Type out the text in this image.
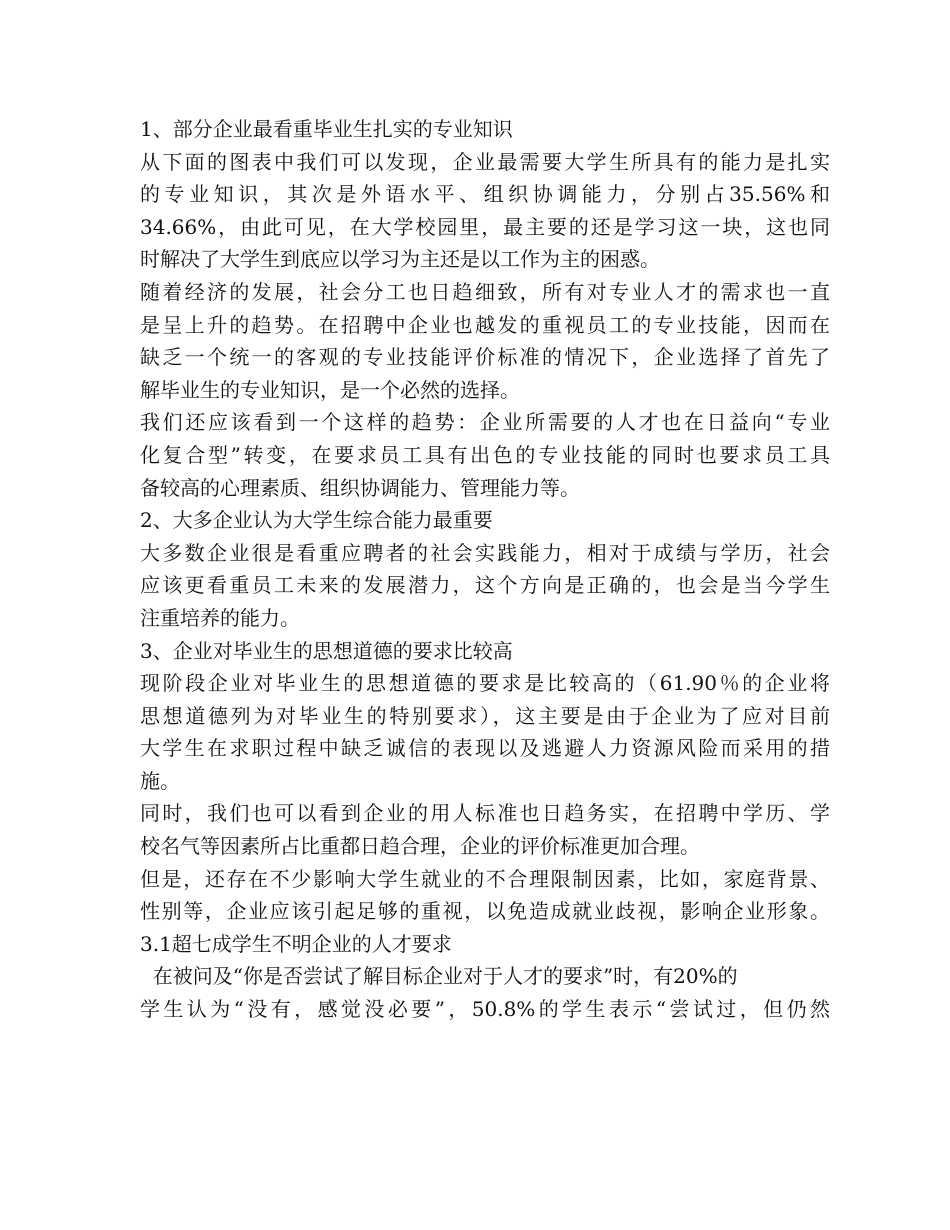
1、部分企业最看重毕业生扎实的专业知识
从下面的图表中我们可以发现，企业最需要大学生所具有的能力是扎实
的专业知识，其次是外语水平、组织协调能力，分别占35.56%和
34.66%，由此可见，在大学校园里，最主要的还是学习这一块，这也同
时解决了大学生到底应以学习为主还是以工作为主的困惑。
随着经济的发展，社会分工也日趋细致，所有对专业人才的需求也一直
是呈上升的趋势。在招聘中企业也越发的重视员工的专业技能，因而在
缺乏一个统一的客观的专业技能评价标准的情况下，企业选择了首先了
解毕业生的专业知识，是一个必然的选择。
我们还应该看到一个这样的趋势：企业所需要的人才也在日益向“专业
化复合型”转变，在要求员工具有出色的专业技能的同时也要求员工具
备较高的心理素质、组织协调能力、管理能力等。
2、大多企业认为大学生综合能力最重要
大多数企业很是看重应聘者的社会实践能力，相对于成绩与学历，社会
应该更看重员工未来的发展潜力，这个方向是正确的，也会是当今学生
注重培养的能力。
3、企业对毕业生的思想道德的要求比较高
现阶段企业对毕业生的思想道德的要求是比较高的（61.90％的企业将
思想道德列为对毕业生的特别要求），这主要是由于企业为了应对目前
大学生在求职过程中缺乏诚信的表现以及逃避人力资源风险而采用的措
施。
同时，我们也可以看到企业的用人标准也日趋务实，在招聘中学历、学
校名气等因素所占比重都日趋合理，企业的评价标准更加合理。
但是，还存在不少影响大学生就业的不合理限制因素，比如，家庭背景、
性别等，企业应该引起足够的重视，以免造成就业歧视，影响企业形象。
3.1超七成学生不明企业的人才要求
在被问及“你是否尝试了解目标企业对于人才的要求”时，有20%的
学生认为“没有，感觉没必要”，50.8%的学生表示“尝试过，但仍然
